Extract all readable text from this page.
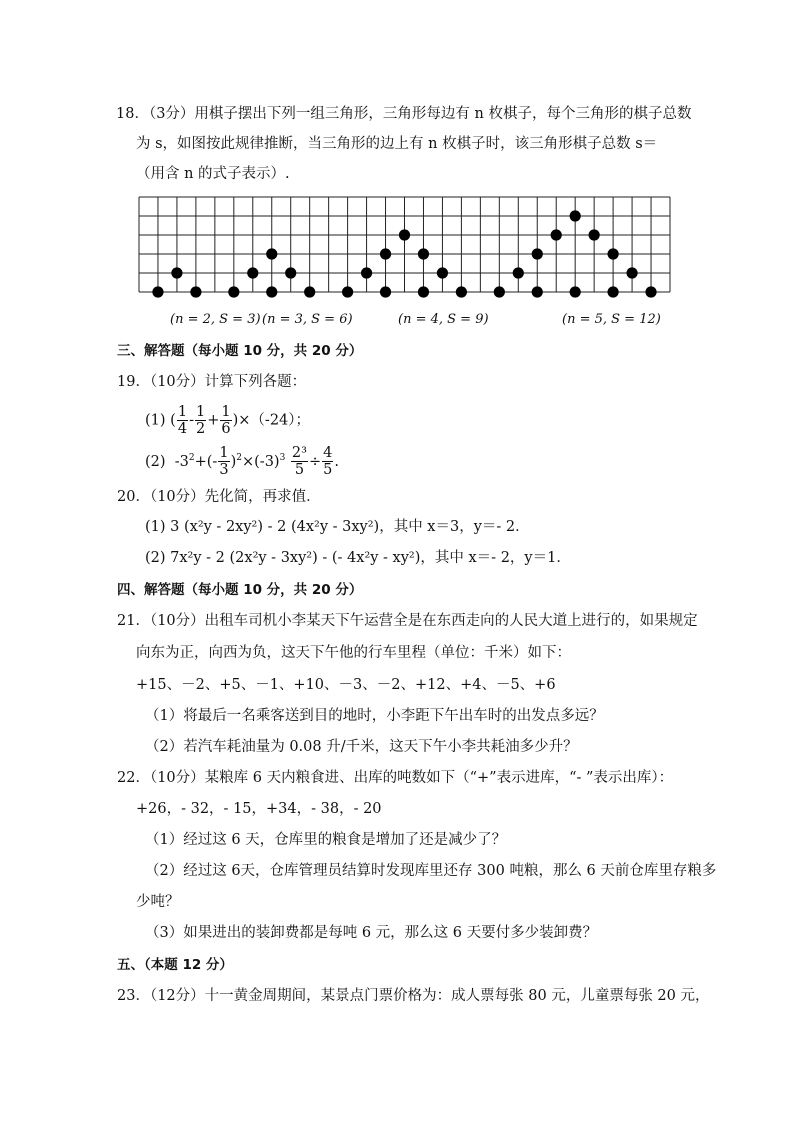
18．（3分）用棋子摆出下列一组三角形，三角形每边有 n 枚棋子，每个三角形的棋子总数
为 s，如图按此规律推断，当三角形的边上有 n 枚棋子时，该三角形棋子总数 s＝
（用含 n 的式子表示）.
(n = 2, S = 3) (n = 3, S = 6)	(n = 4, S = 9)	(n = 5, S = 12)
三、解答题（每小题 10 分，共 20 分）
19．（10分）计算下列各题：
(1) ( $\frac{1}{4} - \frac{1}{2} + \frac{1}{6} )\times(-24)$；
(2) $-3^2+(- \frac{1}{3} )^2\times(-3)^3 \frac{\text{2³}}{5} \div \frac{4}{5}$ .
20．（10分）先化简，再求值．
(1) 3 (x²y - 2xy²) - 2 (4x²y - 3xy²)，其中 x＝3，y＝- 2．
(2) 7x²y - 2 (2x²y - 3xy²) - (- 4x²y - xy²)，其中 x＝- 2，y＝1．
四、解答题（每小题 10 分，共 20 分）
21．（10分）出租车司机小李某天下午运营全是在东西走向的人民大道上进行的，如果规定
向东为正，向西为负，这天下午他的行车里程（单位：千米）如下：
+15、－2、+5、－1、+10、－3、－2、+12、+4、－5、+6
（1）将最后一名乘客送到目的地时，小李距下午出车时的出发点多远？
（2）若汽车耗油量为 0.08 升/千米，这天下午小李共耗油多少升？
22．（10分）某粮库 6 天内粮食进、出库的吨数如下（“+”表示进库，“- ”表示出库）：
+26，- 32，- 15，+34，- 38，- 20
（1）经过这 6 天，仓库里的粮食是增加了还是减少了？
（2）经过这 6天，仓库管理员结算时发现库里还存 300 吨粮，那么 6 天前仓库里存粮多
少吨？
（3）如果进出的装卸费都是每吨 6 元，那么这 6 天要付多少装卸费？
五、（本题 12 分）
23．（12分）十一黄金周期间，某景点门票价格为：成人票每张 80 元，儿童票每张 20 元，
